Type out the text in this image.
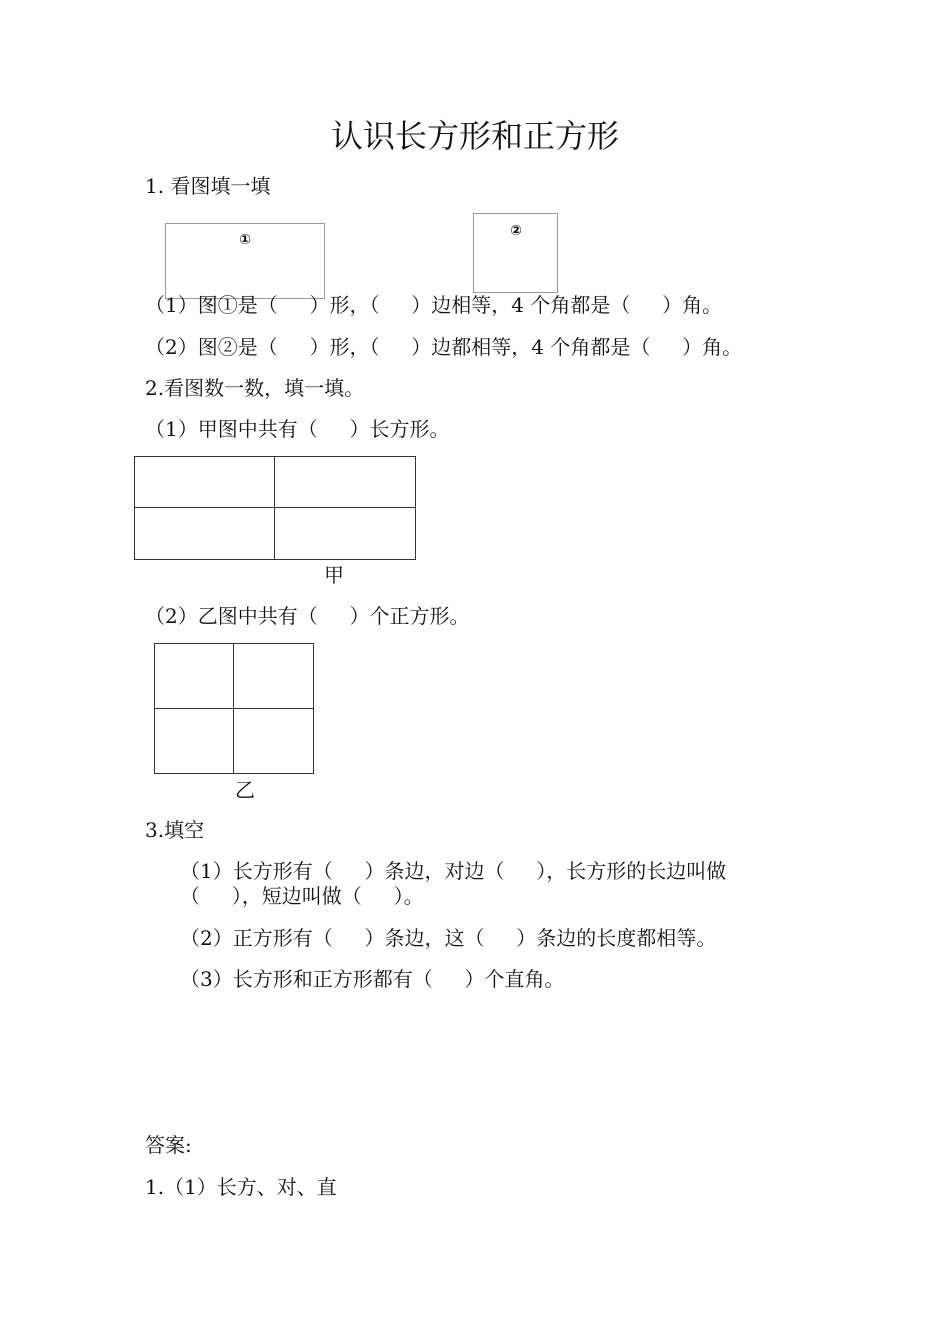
认识长方形和正方形
1. 看图填一填
①
②
（1）图①是（     ）形，（     ）边相等，4 个角都是（     ）角。
（2）图②是（     ）形，（     ）边都相等，4 个角都是（     ）角。
2.看图数一数，填一填。
（1）甲图中共有（     ）长方形。
甲
（2）乙图中共有（     ）个正方形。
乙
3.填空
（1）长方形有（     ）条边，对边（     ），长方形的长边叫做
（     ），短边叫做（     ）。
（2）正方形有（     ）条边，这（     ）条边的长度都相等。
（3）长方形和正方形都有（     ）个直角。
答案:
1.（1）长方、对、直
